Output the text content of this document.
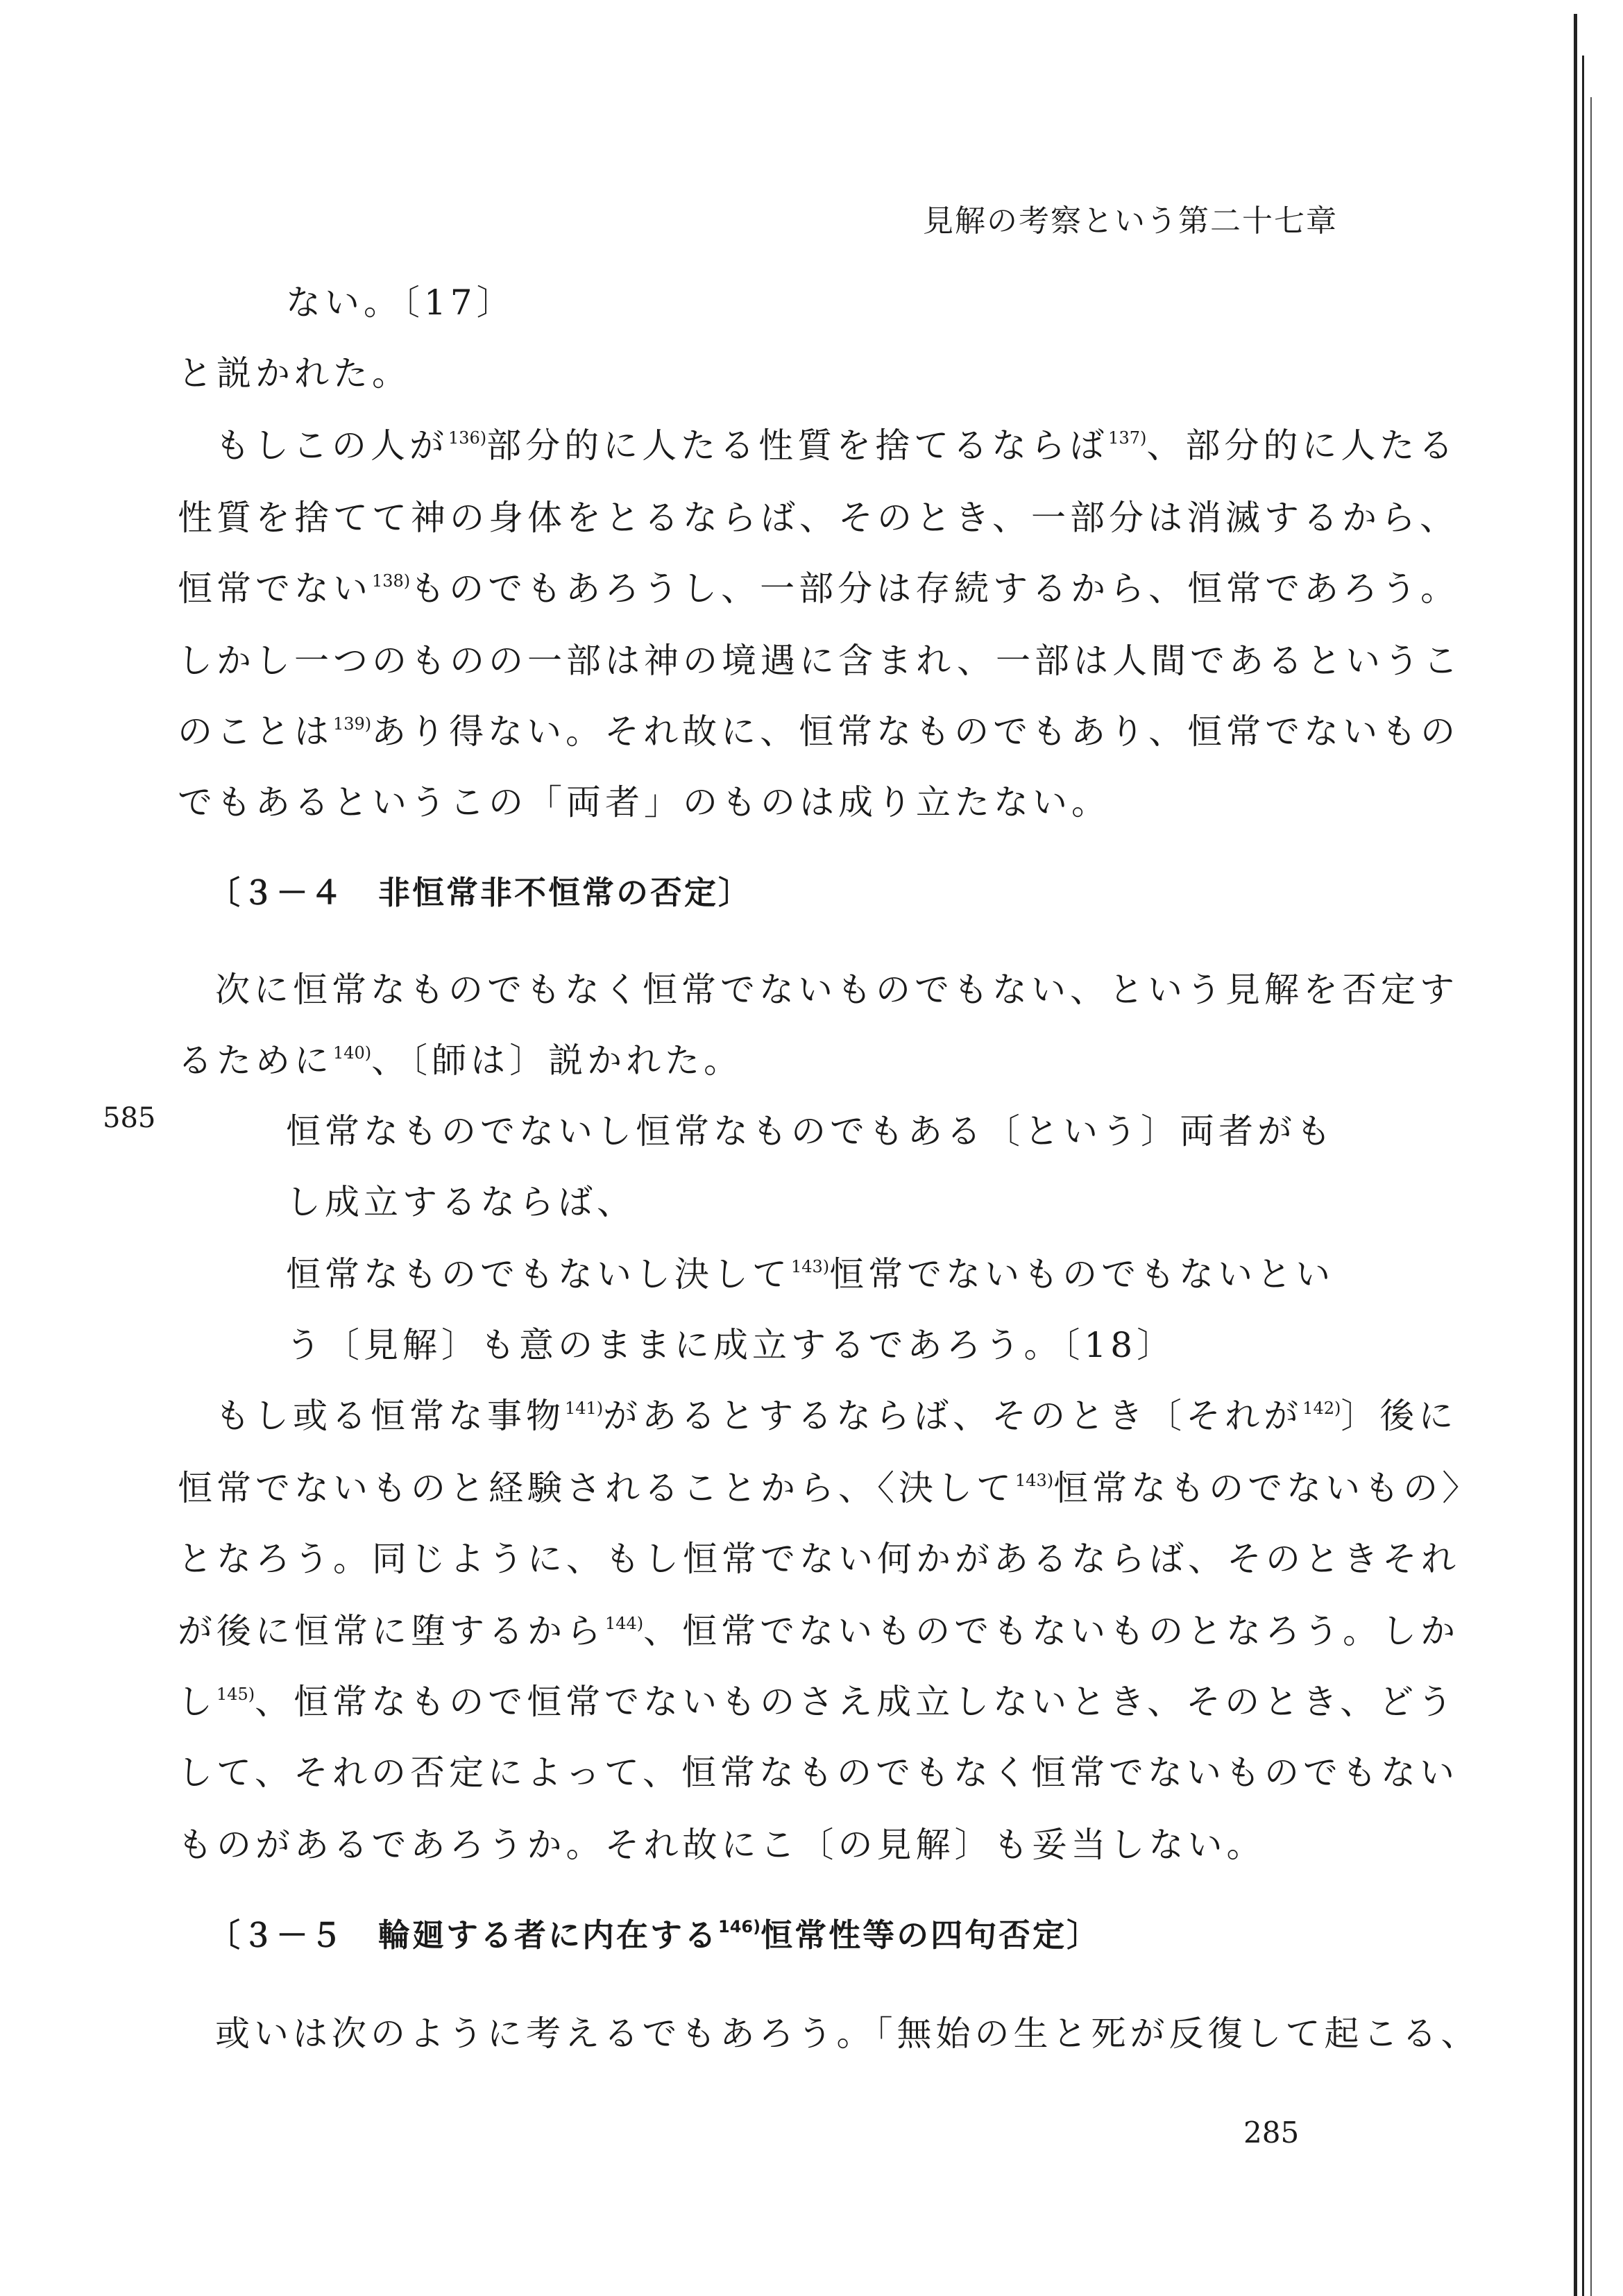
見解の考察という第二十七章
ない。〔17〕
と説かれた。
もしこの人が$^{136)}$部分的に人たる性質を捨てるならば$^{137)}$、部分的に人たる
性質を捨てて神の身体をとるならば、そのとき、一部分は消滅するから、
恒常でない$^{138)}$ものでもあろうし、一部分は存続するから、恒常であろう。
しかし一つのものの一部は神の境遇に含まれ、一部は人間であるというこ
のことは$^{139)}$あり得ない。それ故に、恒常なものでもあり、恒常でないもの
でもあるというこの「両者」のものは成り立たない。
〔３－４　非恒常非不恒常の否定〕
次に恒常なものでもなく恒常でないものでもない、という見解を否定す
るために$^{140)}$、〔師は〕説かれた。
585	恒常なものでないし恒常なものでもある〔という〕両者がも
し成立するならば、
恒常なものでもないし決して$^{143)}$恒常でないものでもないとい
う〔見解〕も意のままに成立するであろう。〔18〕
もし或る恒常な事物$^{141)}$があるとするならば、そのとき〔それが$^{142)}$〕後に
恒常でないものと経験されることから、〈決して$^{143)}$恒常なものでないもの〉
となろう。同じように、もし恒常でない何かがあるならば、そのときそれ
が後に恒常に堕するから$^{144)}$、恒常でないものでもないものとなろう。しか
し$^{145)}$、恒常なもので恒常でないものさえ成立しないとき、そのとき、どう
して、それの否定によって、恒常なものでもなく恒常でないものでもない
ものがあるであろうか。それ故にこ〔の見解〕も妥当しない。
〔３－５　輪廻する者に内在する$^{146)}$恒常性等の四句否定〕
或いは次のように考えるでもあろう。「無始の生と死が反復して起こる、
285
